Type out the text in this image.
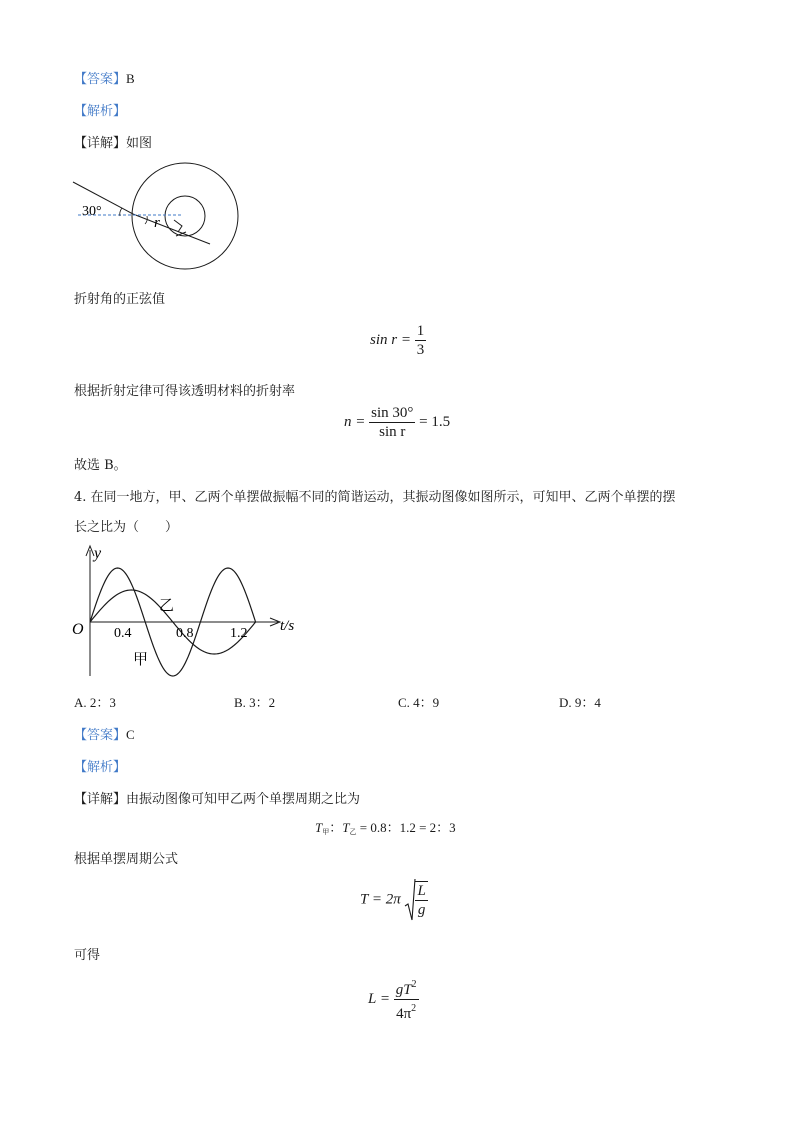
【答案】B
【解析】
【详解】如图
30°
r
折射角的正弦值
$\sin r = \frac{1}{3}$
根据折射定律可得该透明材料的折射率
$n = \frac{\sin 30^\circ}{\text{sin r}} = 1.5$
故选 B。
4. 在同一地方，甲、乙两个单摆做振幅不同的简谐运动，其振动图像如图所示，可知甲、乙两个单摆的摆
长之比为（　　）
y
t/s
O 0.4	0.8	1.2
乙
甲
A. 2：3	B. 3：2	C. 4：9	D. 9：4
【答案】C
【解析】
【详解】由振动图像可知甲乙两个单摆周期之比为
$T_甲$：$T_乙 = 0.8$：1.2 = 2：3
根据单摆周期公式
$T = 2\pi \frac{L}{g}$
可得
$L = \frac{gT^2}{4\pi^2}$
